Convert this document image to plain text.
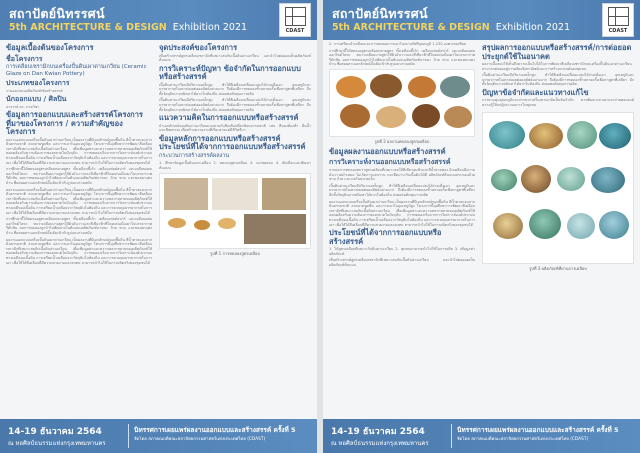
สถาปัตย์นิทรรศน์
5th ARCHITECTURE & DESIGN Exhibition 2021	CDAST
ข้อมูลเบื้องต้นของโครงการ
ชื่อโครงการ
การเคลือบเซรามิกบนเครื่องปั้นดินเผาด่านเกวียน (Ceramic Glaze on Dan Kwian Pottery)
ประเภทของโครงการ
งานออกแบบผลิตภัณฑ์เชิงสร้างสรรค์
นักออกแบบ / ศิลปิน
อาจารย์ ดร. ภาควิชา
ข้อมูลการออกแบบและสร้างสรรค์โครงการ ที่มาของโครงการ / ความสำคัญของโครงการ
ผลงานออกแบบเครื่องปั้นดินเผาด่านเกวียน เป็นผลงานที่มีเอกลักษณ์ของพื้นถิ่น สีน้ำตาลแดงจากดินธรรมชาติ ลวดลายขูดขีด และการเผาในอุณหภูมิสูง โครงการนี้มุ่งศึกษาการพัฒนาสีเคลือบเซรามิกที่เหมาะสมกับเนื้อดินด่านเกวียน เพื่อเพิ่มมูลค่าและความหลากหลายของผลิตภัณฑ์ให้สอดคล้องกับความต้องการของตลาดในปัจจุบัน การทดลองเริ่มจากการวิเคราะห์องค์ประกอบทางเคมีของเนื้อดิน การเตรียมน้ำเคลือบจากวัตถุดิบในท้องถิ่น และการควบคุมบรรยากาศในการเผา เพื่อให้ได้สีเคลือบที่มีความสวยงามและคงทน สามารถนำไปใช้ในการผลิตจริงของชุมชนได้
การศึกษานี้ได้ทดลองสูตรเคลือบหลายสูตร ทั้งเคลือบขี้เถ้า เคลือบเฟลด์สปาร์ และเคลือบผสมออกไซด์โลหะ พบว่าเคลือบบางสูตรให้ผิวมันวาวและสีเขียวฟ้าที่โดดเด่นเมื่อเผาในบรรยากาศรีดักชัน ผลการทดลองถูกนำไปพัฒนาเป็นต้นแบบผลิตภัณฑ์ภาชนะ ถ้วย ชาม และของตกแต่งบ้าน ที่ผสมผสานเอกลักษณ์ดั้งเดิมเข้ากับรูปแบบร่วมสมัย
ผลงานออกแบบเครื่องปั้นดินเผาด่านเกวียน เป็นผลงานที่มีเอกลักษณ์ของพื้นถิ่น สีน้ำตาลแดงจากดินธรรมชาติ ลวดลายขูดขีด และการเผาในอุณหภูมิสูง โครงการนี้มุ่งศึกษาการพัฒนาสีเคลือบเซรามิกที่เหมาะสมกับเนื้อดินด่านเกวียน เพื่อเพิ่มมูลค่าและความหลากหลายของผลิตภัณฑ์ให้สอดคล้องกับความต้องการของตลาดในปัจจุบัน การทดลองเริ่มจากการวิเคราะห์องค์ประกอบทางเคมีของเนื้อดิน การเตรียมน้ำเคลือบจากวัตถุดิบในท้องถิ่น และการควบคุมบรรยากาศในการเผา เพื่อให้ได้สีเคลือบที่มีความสวยงามและคงทน สามารถนำไปใช้ในการผลิตจริงของชุมชนได้
การศึกษานี้ได้ทดลองสูตรเคลือบหลายสูตร ทั้งเคลือบขี้เถ้า เคลือบเฟลด์สปาร์ และเคลือบผสมออกไซด์โลหะ พบว่าเคลือบบางสูตรให้ผิวมันวาวและสีเขียวฟ้าที่โดดเด่นเมื่อเผาในบรรยากาศรีดักชัน ผลการทดลองถูกนำไปพัฒนาเป็นต้นแบบผลิตภัณฑ์ภาชนะ ถ้วย ชาม และของตกแต่งบ้าน ที่ผสมผสานเอกลักษณ์ดั้งเดิมเข้ากับรูปแบบร่วมสมัย
ผลงานออกแบบเครื่องปั้นดินเผาด่านเกวียน เป็นผลงานที่มีเอกลักษณ์ของพื้นถิ่น สีน้ำตาลแดงจากดินธรรมชาติ ลวดลายขูดขีด และการเผาในอุณหภูมิสูง โครงการนี้มุ่งศึกษาการพัฒนาสีเคลือบเซรามิกที่เหมาะสมกับเนื้อดินด่านเกวียน เพื่อเพิ่มมูลค่าและความหลากหลายของผลิตภัณฑ์ให้สอดคล้องกับความต้องการของตลาดในปัจจุบัน การทดลองเริ่มจากการวิเคราะห์องค์ประกอบทางเคมีของเนื้อดิน การเตรียมน้ำเคลือบจากวัตถุดิบในท้องถิ่น และการควบคุมบรรยากาศในการเผา เพื่อให้ได้สีเคลือบที่มีความสวยงามและคงทน สามารถนำไปใช้ในการผลิตจริงของชุมชนได้
จุดประสงค์ของโครงการ
เพื่อสร้างสรรค์สูตรเคลือบเซรามิกที่เหมาะสมกับเนื้อดินด่านเกวียน และนำไปต่อยอดเป็นผลิตภัณฑ์ต้นแบบ
การวิเคราะห์ปัญหา ข้อจำกัดในการออกแบบหรือสร้างสรรค์
เนื้อดินด่านเกวียนมีปริมาณเหล็กสูง ทำให้สีเคลือบเปลี่ยนแปลงได้ง่ายเมื่อเผา อุณหภูมิและบรรยากาศในเตาส่งผลต่อผลลัพธ์อย่างมาก จึงต้องมีการทดลองซ้ำหลายครั้งเพื่อหาสูตรที่เสถียร อีกทั้งวัตถุดิบบางชนิดหาได้ยากในท้องถิ่น ส่งผลต่อต้นทุนการผลิต
เนื้อดินด่านเกวียนมีปริมาณเหล็กสูง ทำให้สีเคลือบเปลี่ยนแปลงได้ง่ายเมื่อเผา อุณหภูมิและบรรยากาศในเตาส่งผลต่อผลลัพธ์อย่างมาก จึงต้องมีการทดลองซ้ำหลายครั้งเพื่อหาสูตรที่เสถียร อีกทั้งวัตถุดิบบางชนิดหาได้ยากในท้องถิ่น ส่งผลต่อต้นทุนการผลิต
แนวความคิดในการออกแบบหรือสร้างสรรค์
นำเอกลักษณ์ของดินด่านเกวียนมาผสานกับสีเคลือบที่สะท้อนธรรมชาติ เช่น สีของท้องฟ้า ผืนน้ำ และพืชพรรณ เพื่อสร้างความงามที่เรียบง่ายแต่มีชีวิตชีวา
ข้อมูลหลักการออกแบบหรือสร้างสรรค์ ประโยชน์ที่ได้จากการออกแบบหรือสร้างสรรค์
กระบวนการสร้างสรรค์ผลงาน
1. ศึกษาข้อมูลเนื้อดินและเคลือบ 2. ทดลองสูตรเคลือบ 3. เผาทดสอบ 4. คัดเลือกและพัฒนาต้นแบบ
รูปที่ 1 การทดลองสูตรเคลือบ
14-19 ธันวาคม 2564
ณ หอศิลป์ธนรรมแห่งกรุงเทพมหานคร
นิทรรศการเผยแพร่ผลงานออกแบบและสร้างสรรค์ ครั้งที่ 5
จัดโดย สภาคณบดีคณะสถาปัตยกรรมศาสตร์แห่งประเทศไทย (CDAST)
สถาปัตย์นิทรรศน์
5th ARCHITECTURE & DESIGN Exhibition 2021	CDAST
2. การเตรียมน้ำเคลือบและการทดสอบการเผาในเตาแก๊สที่อุณหภูมิ 1,230 องศาเซลเซียส
การศึกษานี้ได้ทดลองสูตรเคลือบหลายสูตร ทั้งเคลือบขี้เถ้า เคลือบเฟลด์สปาร์ และเคลือบผสมออกไซด์โลหะ พบว่าเคลือบบางสูตรให้ผิวมันวาวและสีเขียวฟ้าที่โดดเด่นเมื่อเผาในบรรยากาศรีดักชัน ผลการทดลองถูกนำไปพัฒนาเป็นต้นแบบผลิตภัณฑ์ภาชนะ ถ้วย ชาม และของตกแต่งบ้าน ที่ผสมผสานเอกลักษณ์ดั้งเดิมเข้ากับรูปแบบร่วมสมัย
รูปที่ 2 ผลงานทดลองสูตรเคลือบ
ข้อมูลผลงานออกแบบหรือสร้างสรรค์
การวิเคราะห์งานออกแบบหรือสร้างสรรค์
จากผลการทดลองพบว่าสูตรเคลือบที่เหมาะสมให้สีเขียวอมฟ้าและสีน้ำตาลทอง ผิวเคลือบมีความมันวาวสม่ำเสมอ ไม่เกิดการแตกราน และยึดเกาะกับเนื้อดินได้ดี ผลิตภัณฑ์ต้นแบบประกอบด้วยชาม ถ้วย และแจกันขนาดเล็ก
เนื้อดินด่านเกวียนมีปริมาณเหล็กสูง ทำให้สีเคลือบเปลี่ยนแปลงได้ง่ายเมื่อเผา อุณหภูมิและบรรยากาศในเตาส่งผลต่อผลลัพธ์อย่างมาก จึงต้องมีการทดลองซ้ำหลายครั้งเพื่อหาสูตรที่เสถียร อีกทั้งวัตถุดิบบางชนิดหาได้ยากในท้องถิ่น ส่งผลต่อต้นทุนการผลิต
ผลงานออกแบบเครื่องปั้นดินเผาด่านเกวียน เป็นผลงานที่มีเอกลักษณ์ของพื้นถิ่น สีน้ำตาลแดงจากดินธรรมชาติ ลวดลายขูดขีด และการเผาในอุณหภูมิสูง โครงการนี้มุ่งศึกษาการพัฒนาสีเคลือบเซรามิกที่เหมาะสมกับเนื้อดินด่านเกวียน เพื่อเพิ่มมูลค่าและความหลากหลายของผลิตภัณฑ์ให้สอดคล้องกับความต้องการของตลาดในปัจจุบัน การทดลองเริ่มจากการวิเคราะห์องค์ประกอบทางเคมีของเนื้อดิน การเตรียมน้ำเคลือบจากวัตถุดิบในท้องถิ่น และการควบคุมบรรยากาศในการเผา เพื่อให้ได้สีเคลือบที่มีความสวยงามและคงทน สามารถนำไปใช้ในการผลิตจริงของชุมชนได้
ประโยชน์ที่ได้จากการออกแบบหรือสร้างสรรค์
1. ได้สูตรเคลือบที่เหมาะกับดินด่านเกวียน 2. ชุมชนสามารถนำไปใช้ในการผลิต 3. เพิ่มมูลค่าผลิตภัณฑ์
เพื่อสร้างสรรค์สูตรเคลือบเซรามิกที่เหมาะสมกับเนื้อดินด่านเกวียน และนำไปต่อยอดเป็นผลิตภัณฑ์ต้นแบบ
สรุปผลการออกแบบหรือสร้างสรรค์/การต่อยอดประยุกต์ใช้ในอนาคต
ผลงานนี้แสดงให้เห็นถึงความเป็นไปได้ในการพัฒนาสีเคลือบเซรามิกบนเครื่องปั้นดินเผาด่านเกวียน สามารถต่อยอดสู่การผลิตเชิงพาณิชย์และการสร้างแบรนด์ของชุมชน
เนื้อดินด่านเกวียนมีปริมาณเหล็กสูง ทำให้สีเคลือบเปลี่ยนแปลงได้ง่ายเมื่อเผา อุณหภูมิและบรรยากาศในเตาส่งผลต่อผลลัพธ์อย่างมาก จึงต้องมีการทดลองซ้ำหลายครั้งเพื่อหาสูตรที่เสถียร อีกทั้งวัตถุดิบบางชนิดหาได้ยากในท้องถิ่น ส่งผลต่อต้นทุนการผลิต
ปัญหาข้อจำกัดและแนวทางแก้ไข
การควบคุมอุณหภูมิและบรรยากาศในเตาเผายังเป็นข้อจำกัด ควรพัฒนาเตาเผาและถ่ายทอดองค์ความรู้ให้แก่ผู้ประกอบการในชุมชน
รูปที่ 3 ผลิตภัณฑ์ที่ผ่านการเคลือบ
14-19 ธันวาคม 2564
ณ หอศิลป์ธนรรมแห่งกรุงเทพมหานคร
นิทรรศการเผยแพร่ผลงานออกแบบและสร้างสรรค์ ครั้งที่ 5
จัดโดย สภาคณบดีคณะสถาปัตยกรรมศาสตร์แห่งประเทศไทย (CDAST)
